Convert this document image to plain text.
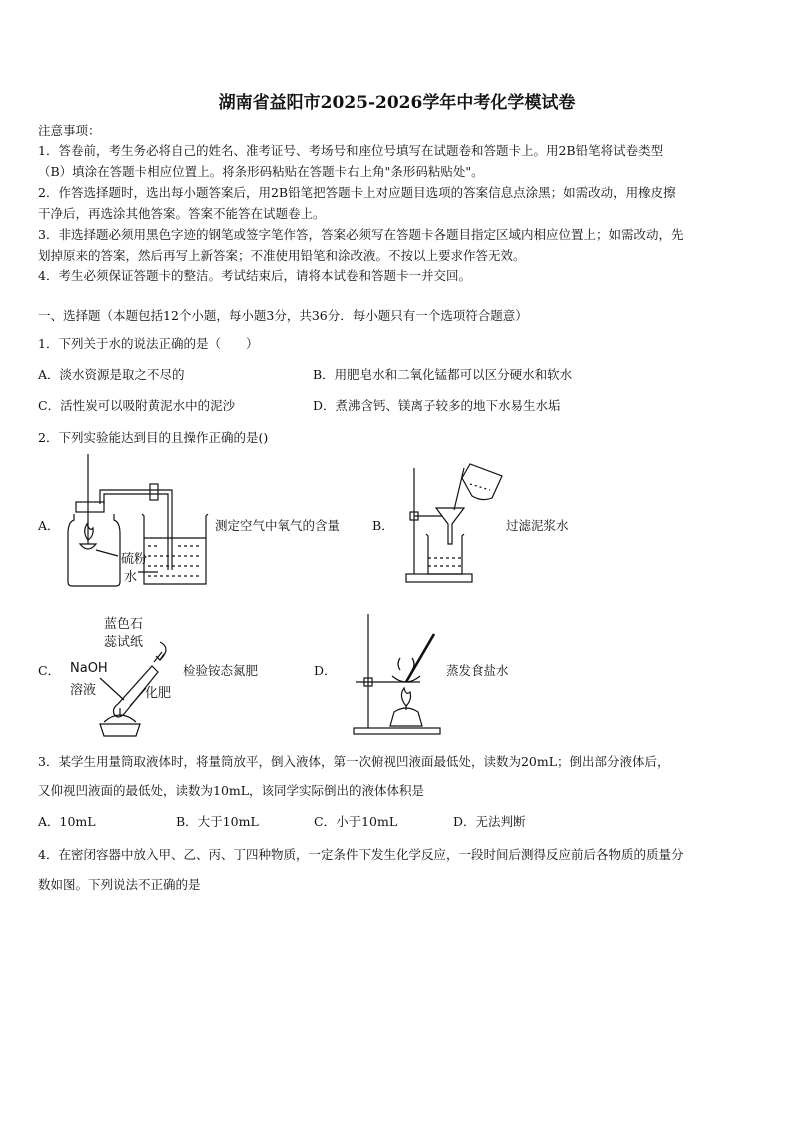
湖南省益阳市2025-2026学年中考化学模试卷
注意事项：
1．答卷前，考生务必将自己的姓名、准考证号、考场号和座位号填写在试题卷和答题卡上。用2B铅笔将试卷类型
（B）填涂在答题卡相应位置上。将条形码粘贴在答题卡右上角"条形码粘贴处"。
2．作答选择题时，选出每小题答案后，用2B铅笔把答题卡上对应题目选项的答案信息点涂黑；如需改动，用橡皮擦
干净后，再选涂其他答案。答案不能答在试题卷上。
3．非选择题必须用黑色字迹的钢笔或签字笔作答，答案必须写在答题卡各题目指定区域内相应位置上；如需改动，先
划掉原来的答案，然后再写上新答案；不准使用铅笔和涂改液。不按以上要求作答无效。
4．考生必须保证答题卡的整洁。考试结束后，请将本试卷和答题卡一并交回。
一、选择题（本题包括12个小题，每小题3分，共36分．每小题只有一个选项符合题意）
1．下列关于水的说法正确的是（　　）
A．淡水资源是取之不尽的	B．用肥皂水和二氧化锰都可以区分硬水和软水
C．活性炭可以吸附黄泥水中的泥沙	D．煮沸含钙、镁离子较多的地下水易生水垢
2．下列实验能达到目的且操作正确的是()
A．
硫粉
水
测定空气中氧气的含量	B．	过滤泥浆水
C．
蓝色石
蕊试纸
NaOH
溶液	化肥
检验铵态氮肥	D．	蒸发食盐水
3．某学生用量筒取液体时，将量筒放平，倒入液体，第一次俯视凹液面最低处，读数为20mL；倒出部分液体后，
又仰视凹液面的最低处，读数为10mL，该同学实际倒出的液体体积是
A．10mL	B．大于10mL	C．小于10mL	D．无法判断
4．在密闭容器中放入甲、乙、丙、丁四种物质，一定条件下发生化学反应，一段时间后测得反应前后各物质的质量分
数如图。下列说法不正确的是
